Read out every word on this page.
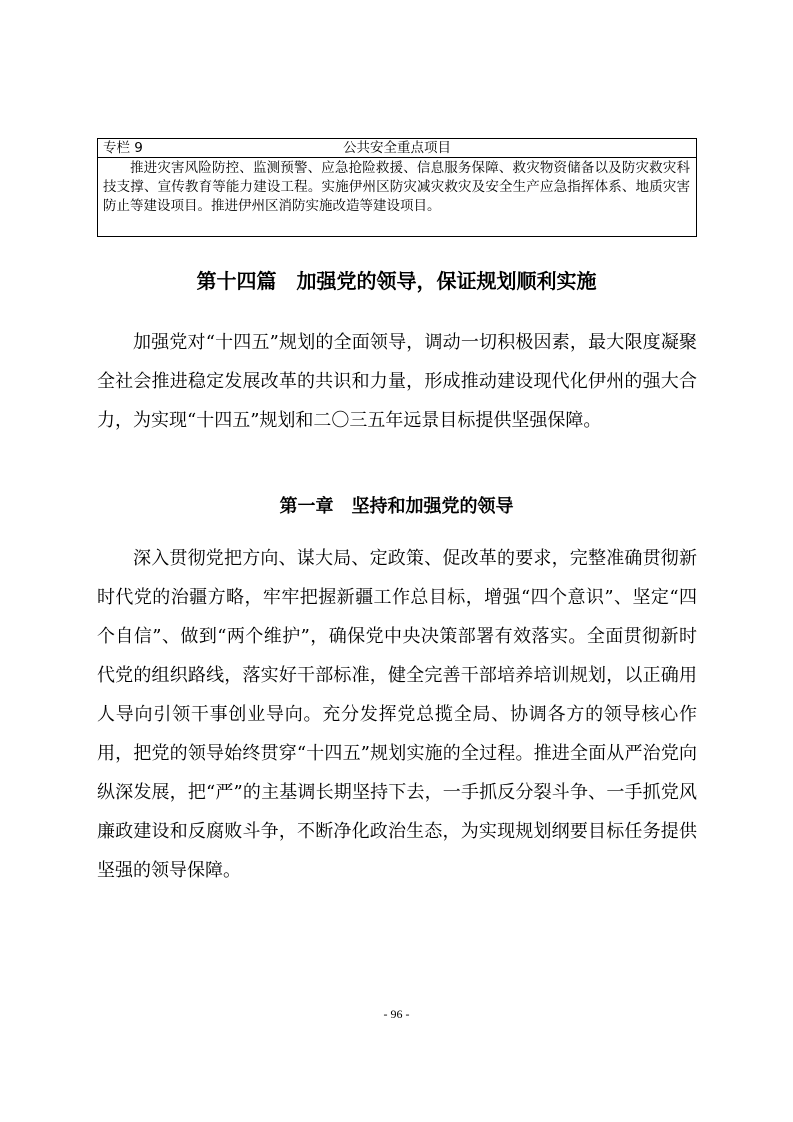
专栏 9	公共安全重点项目

推进灾害风险防控、监测预警、应急抢险救援、信息服务保障、救灾物资储备以及防灾救灾科技支撑、宣传教育等能力建设工程。实施伊州区防灾减灾救灾及安全生产应急指挥体系、地质灾害防止等建设项目。推进伊州区消防实施改造等建设项目。

第十四篇　加强党的领导，保证规划顺利实施

加强党对“十四五”规划的全面领导，调动一切积极因素，最大限度凝聚全社会推进稳定发展改革的共识和力量，形成推动建设现代化伊州的强大合力，为实现“十四五”规划和二〇三五年远景目标提供坚强保障。

第一章　坚持和加强党的领导

深入贯彻党把方向、谋大局、定政策、促改革的要求，完整准确贯彻新时代党的治疆方略，牢牢把握新疆工作总目标，增强“四个意识”、坚定“四个自信”、做到“两个维护”，确保党中央决策部署有效落实。全面贯彻新时代党的组织路线，落实好干部标准，健全完善干部培养培训规划，以正确用人导向引领干事创业导向。充分发挥党总揽全局、协调各方的领导核心作用，把党的领导始终贯穿“十四五”规划实施的全过程。推进全面从严治党向纵深发展，把“严”的主基调长期坚持下去，一手抓反分裂斗争、一手抓党风廉政建设和反腐败斗争，不断净化政治生态，为实现规划纲要目标任务提供坚强的领导保障。

- 96 -
